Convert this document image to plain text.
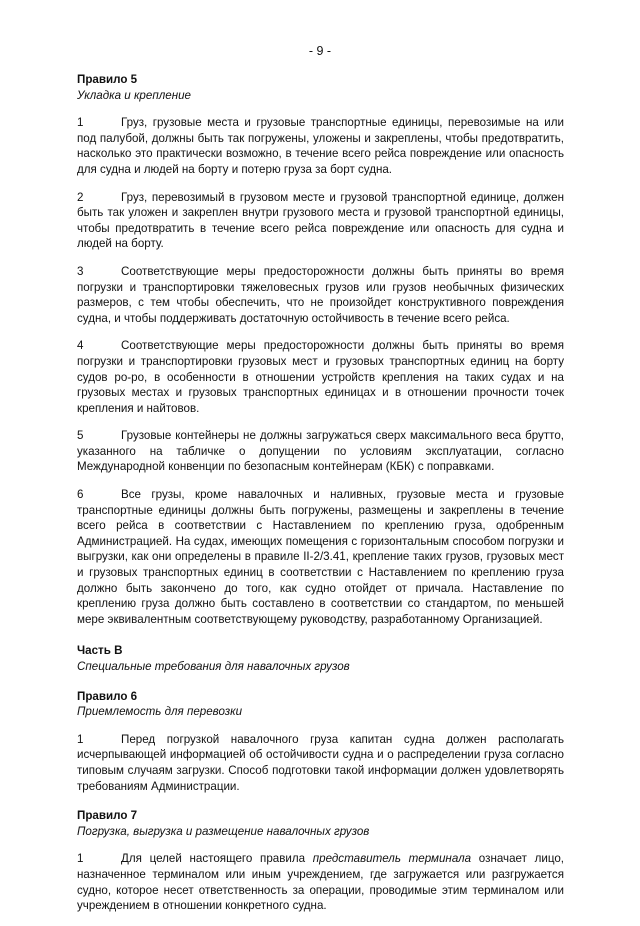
- 9 -

Правило 5

Укладка и крепление

1	Груз, грузовые места и грузовые транспортные единицы, перевозимые на или под палубой, должны быть так погружены, уложены и закреплены, чтобы предотвратить, насколько это практически возможно, в течение всего рейса повреждение или опасность для судна и людей на борту и потерю груза за борт судна.

2	Груз, перевозимый в грузовом месте и грузовой транспортной единице, должен быть так уложен и закреплен внутри грузового места и грузовой транспортной единицы, чтобы предотвратить в течение всего рейса повреждение или опасность для судна и людей на борту.

3	Соответствующие меры предосторожности должны быть приняты во время погрузки и транспортировки тяжеловесных грузов или грузов необычных физических размеров, с тем чтобы обеспечить, что не произойдет конструктивного повреждения судна, и чтобы поддерживать достаточную остойчивость в течение всего рейса.

4	Соответствующие меры предосторожности должны быть приняты во время погрузки и транспортировки грузовых мест и грузовых транспортных единиц на борту судов ро-ро, в особенности в отношении устройств крепления на таких судах и на грузовых местах и грузовых транспортных единицах и в отношении прочности точек крепления и найтовов.

5	Грузовые контейнеры не должны загружаться сверх максимального веса брутто, указанного на табличке о допущении по условиям эксплуатации, согласно Международной конвенции по безопасным контейнерам (КБК) с поправками.

6	Все грузы, кроме навалочных и наливных, грузовые места и грузовые транспортные единицы должны быть погружены, размещены и закреплены в течение всего рейса в соответствии с Наставлением по креплению груза, одобренным Администрацией. На судах, имеющих помещения с горизонтальным способом погрузки и выгрузки, как они определены в правиле II-2/3.41, крепление таких грузов, грузовых мест и грузовых транспортных единиц в соответствии с Наставлением по креплению груза должно быть закончено до того, как судно отойдет от причала. Наставление по креплению груза должно быть составлено в соответствии со стандартом, по меньшей мере эквивалентным соответствующему руководству, разработанному Организацией.

Часть B

Специальные требования для навалочных грузов

Правило 6

Приемлемость для перевозки

1	Перед погрузкой навалочного груза капитан судна должен располагать исчерпывающей информацией об остойчивости судна и о распределении груза согласно типовым случаям загрузки. Способ подготовки такой информации должен удовлетворять требованиям Администрации.

Правило 7

Погрузка, выгрузка и размещение навалочных грузов

1	Для целей настоящего правила представитель терминала означает лицо, назначенное терминалом или иным учреждением, где загружается или разгружается судно, которое несет ответственность за операции, проводимые этим терминалом или учреждением в отношении конкретного судна.
